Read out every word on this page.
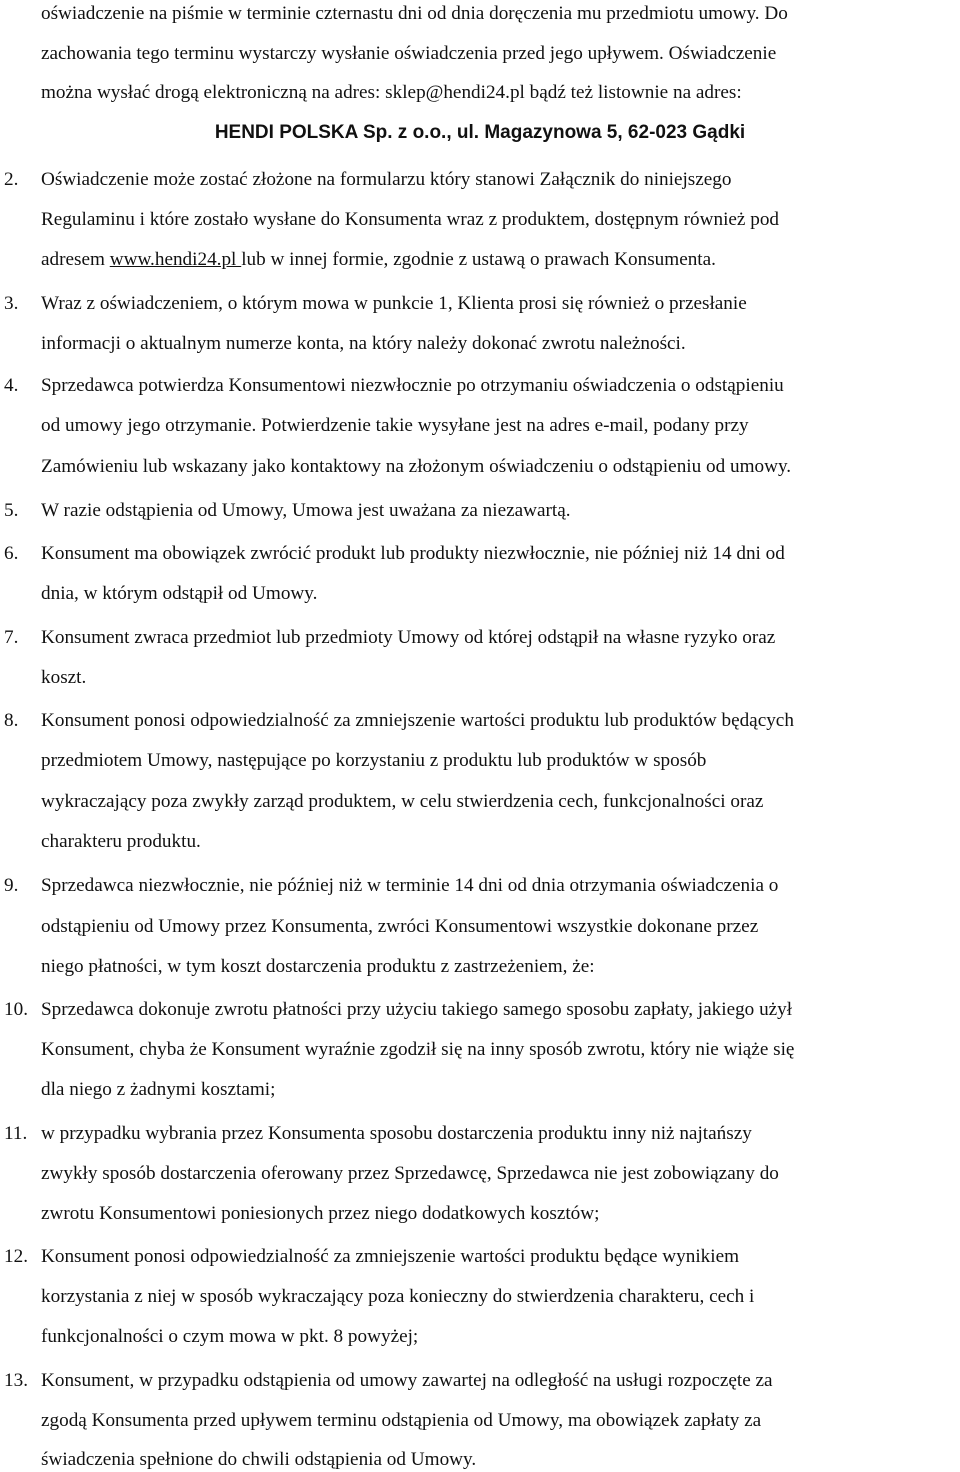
oświadczenie na piśmie w terminie czternastu dni od dnia doręczenia mu przedmiotu umowy. Do
zachowania tego terminu wystarczy wysłanie oświadczenia przed jego upływem. Oświadczenie
można wysłać drogą elektroniczną na adres: sklep@hendi24.pl bądź też listownie na adres:
HENDI POLSKA Sp. z o.o., ul. Magazynowa 5, 62-023 Gądki
2. Oświadczenie może zostać złożone na formularzu który stanowi Załącznik do niniejszego
Regulaminu i które zostało wysłane do Konsumenta wraz z produktem, dostępnym również pod
adresem www.hendi24.pl lub w innej formie, zgodnie z ustawą o prawach Konsumenta.
3. Wraz z oświadczeniem, o którym mowa w punkcie 1, Klienta prosi się również o przesłanie
informacji o aktualnym numerze konta, na który należy dokonać zwrotu należności.
4. Sprzedawca potwierdza Konsumentowi niezwłocznie po otrzymaniu oświadczenia o odstąpieniu
od umowy jego otrzymanie. Potwierdzenie takie wysyłane jest na adres e-mail, podany przy
Zamówieniu lub wskazany jako kontaktowy na złożonym oświadczeniu o odstąpieniu od umowy.
5. W razie odstąpienia od Umowy, Umowa jest uważana za niezawartą.
6. Konsument ma obowiązek zwrócić produkt lub produkty niezwłocznie, nie później niż 14 dni od
dnia, w którym odstąpił od Umowy.
7. Konsument zwraca przedmiot lub przedmioty Umowy od której odstąpił na własne ryzyko oraz
koszt.
8. Konsument ponosi odpowiedzialność za zmniejszenie wartości produktu lub produktów będących
przedmiotem Umowy, następujące po korzystaniu z produktu lub produktów w sposób
wykraczający poza zwykły zarząd produktem, w celu stwierdzenia cech, funkcjonalności oraz
charakteru produktu.
9. Sprzedawca niezwłocznie, nie później niż w terminie 14 dni od dnia otrzymania oświadczenia o
odstąpieniu od Umowy przez Konsumenta, zwróci Konsumentowi wszystkie dokonane przez
niego płatności, w tym koszt dostarczenia produktu z zastrzeżeniem, że:
10. Sprzedawca dokonuje zwrotu płatności przy użyciu takiego samego sposobu zapłaty, jakiego użył
Konsument, chyba że Konsument wyraźnie zgodził się na inny sposób zwrotu, który nie wiąże się
dla niego z żadnymi kosztami;
11. w przypadku wybrania przez Konsumenta sposobu dostarczenia produktu inny niż najtańszy
zwykły sposób dostarczenia oferowany przez Sprzedawcę, Sprzedawca nie jest zobowiązany do
zwrotu Konsumentowi poniesionych przez niego dodatkowych kosztów;
12. Konsument ponosi odpowiedzialność za zmniejszenie wartości produktu będące wynikiem
korzystania z niej w sposób wykraczający poza konieczny do stwierdzenia charakteru, cech i
funkcjonalności o czym mowa w pkt. 8 powyżej;
13. Konsument, w przypadku odstąpienia od umowy zawartej na odległość na usługi rozpoczęte za
zgodą Konsumenta przed upływem terminu odstąpienia od Umowy, ma obowiązek zapłaty za
świadczenia spełnione do chwili odstąpienia od Umowy.
